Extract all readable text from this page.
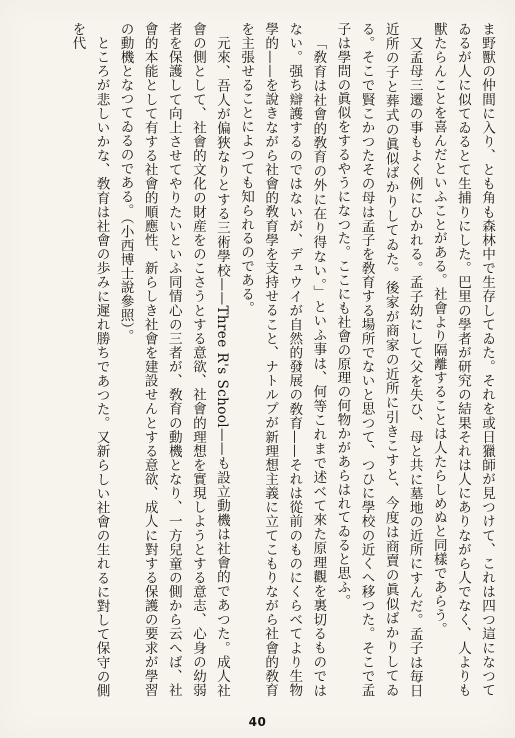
ま野獸の仲間に入り、とも角も森林中で生存してゐた。それを或日獵師が見つけて、これは四つ這になつてゐるが人に似てゐるとて生捕りにした。巴里の學者が研究の結果それは人にありながら人でなく、人よりも獸たらんことを喜んだといふことがある。社會より隔離することは人たらしめぬと同樣であらう。

又孟母三遷の事もよく例にひかれる。孟子幼にして父を失ひ、母と共に墓地の近所にすんだ。孟子は毎日近所の子と葬式の眞似ばかりしてゐた。後家が商家の近所に引きこすと、今度は商賣の眞似ばかりしてゐる。そこで賢こかつたその母は孟子を敎育する場所でないと思つて、つひに學校の近くへ移つた。そこで孟子は學問の眞似をするやうになつた。ここにも社會の原理の何物かがあらはれてゐると思ふ。

「敎育は社會的敎育の外に在り得ない。」といふ事は、何等これまで述べて來た原理觀を裏切るものではない。强ち辯護するのではないが、デュウイが自然的發展の敎育——それは從前のものにくらべてより生物學的——を說きながら社會的敎育學を支持せること、ナトルプが新理想主義に立てこもりながら社會的敎育を主張せることによつても知られるのである。

元來、吾人が偏狹なりとする三術學校——Three R's School——も設立動機は社會的であつた。成人社會の側として、社會的文化の財産をのこさうとする意欲、社會的理想を實現しようとする意志、心身の幼弱者を保護して向上させてやりたいといふ同情心の三者が、敎育の動機となり、一方兒童の側から云へば、社會的本能として有する社會的順應性、新らしき社會を建設せんとする意欲、成人に對する保護の要求が學習の動機となつてゐるのである。（小西博士說參照）。

ところが悲しいかな、敎育は社會の歩みに遲れ勝ちであつた。又新らしい社會の生れるに對して保守の側を代

40
